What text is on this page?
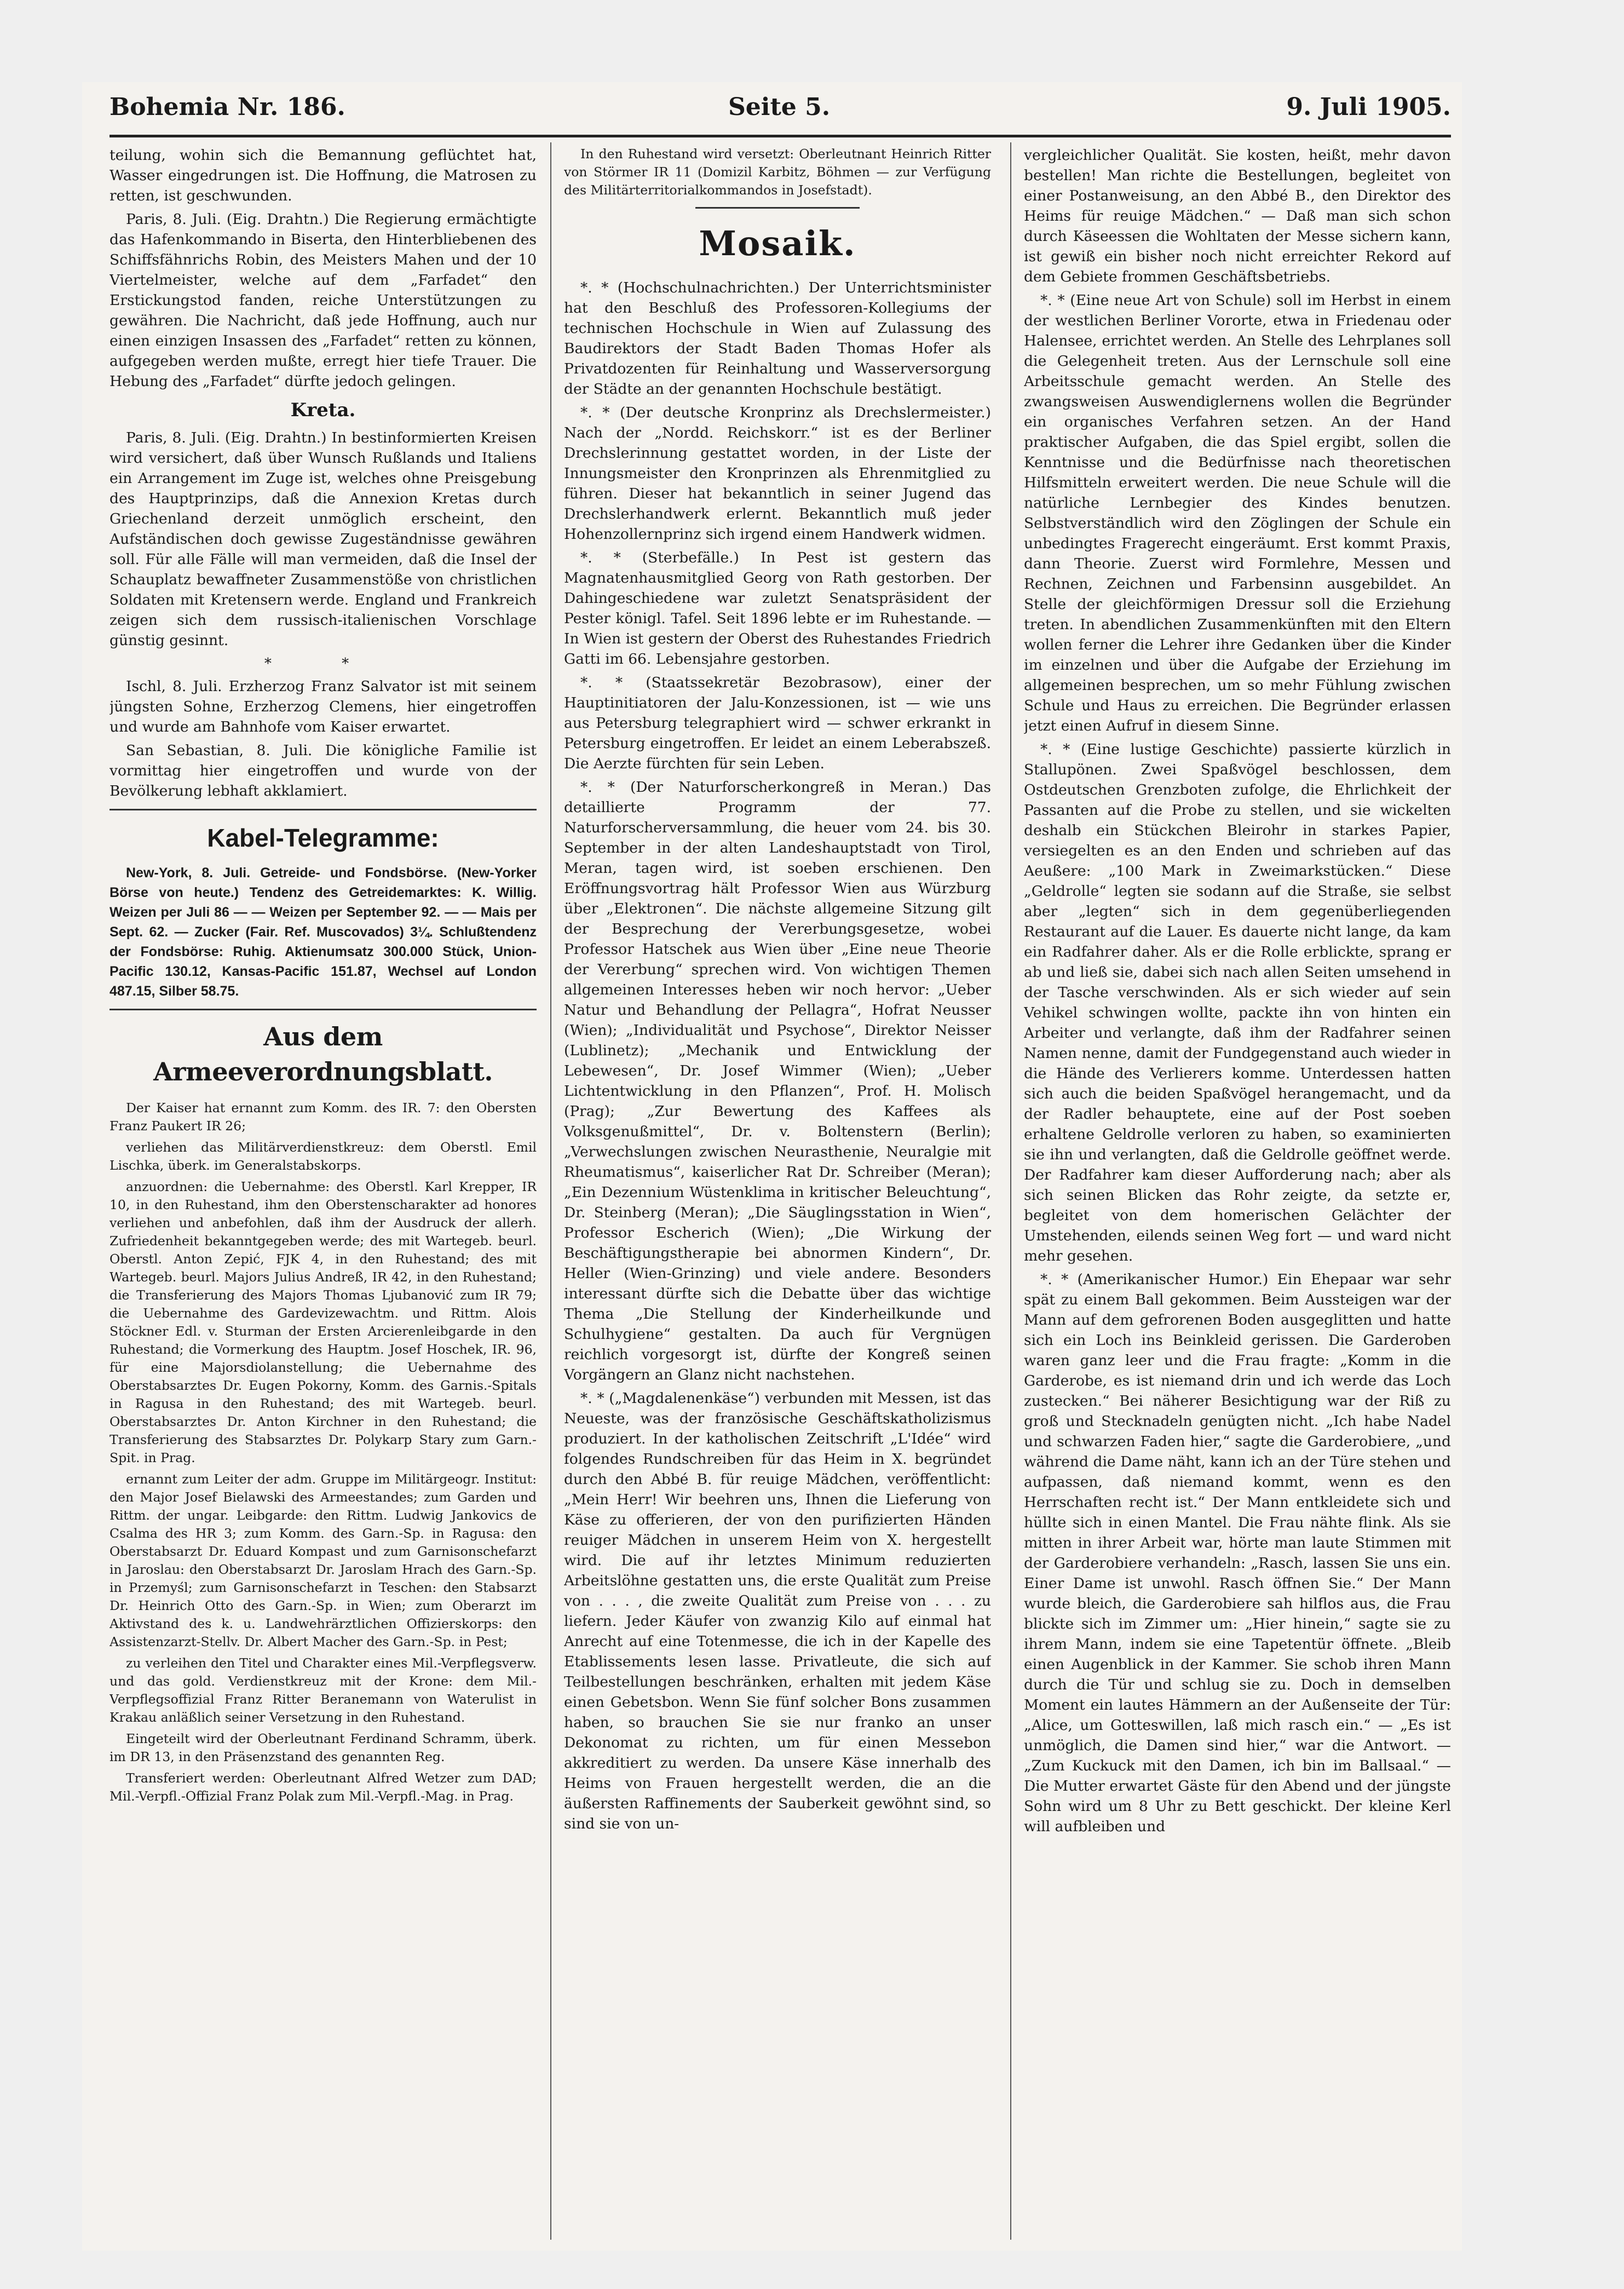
Bohemia Nr. 186.	Seite 5.	9. Juli 1905.

teilung, wohin sich die Bemannung geflüchtet hat, Wasser eingedrungen ist. Die Hoffnung, die Matrosen zu retten, ist geschwunden.

Paris, 8. Juli. (Eig. Drahtn.) Die Regierung ermächtigte das Hafenkommando in Biserta, den Hinterbliebenen des Schiffsfähnrichs Robin, des Meisters Mahen und der 10 Viertelmeister, welche auf dem „Farfadet“ den Erstickungstod fanden, reiche Unterstützungen zu gewähren. Die Nachricht, daß jede Hoffnung, auch nur einen einzigen Insassen des „Farfadet“ retten zu können, aufgegeben werden mußte, erregt hier tiefe Trauer. Die Hebung des „Farfadet“ dürfte jedoch gelingen.

Kreta.

Paris, 8. Juli. (Eig. Drahtn.) In bestinformierten Kreisen wird versichert, daß über Wunsch Rußlands und Italiens ein Arrangement im Zuge ist, welches ohne Preisgebung des Hauptprinzips, daß die Annexion Kretas durch Griechenland derzeit unmöglich erscheint, den Aufständischen doch gewisse Zugeständnisse gewähren soll. Für alle Fälle will man vermeiden, daß die Insel der Schauplatz bewaffneter Zusammenstöße von christlichen Soldaten mit Kretensern werde. England und Frankreich zeigen sich dem russisch-italienischen Vorschlage günstig gesinnt.

* *

Ischl, 8. Juli. Erzherzog Franz Salvator ist mit seinem jüngsten Sohne, Erzherzog Clemens, hier eingetroffen und wurde am Bahnhofe vom Kaiser erwartet.

San Sebastian, 8. Juli. Die königliche Familie ist vormittag hier eingetroffen und wurde von der Bevölkerung lebhaft akklamiert.

Kabel-Telegramme:

New-York, 8. Juli. Getreide- und Fondsbörse. (New-Yorker Börse von heute.) Tendenz des Getreidemarktes: K. Willig. Weizen per Juli 86 — — Weizen per September 92. — — Mais per Sept. 62. — Zucker (Fair. Ref. Muscovados) 3¼. Schlußtendenz der Fondsbörse: Ruhig. Aktienumsatz 300.000 Stück, Union-Pacific 130.12, Kansas-Pacific 151.87, Wechsel auf London 487.15, Silber 58.75.

Aus dem Armeeverordnungsblatt.

Der Kaiser hat ernannt zum Komm. des IR. 7: den Obersten Franz Paukert IR 26;

verliehen das Militärverdienstkreuz: dem Oberstl. Emil Lischka, überk. im Generalstabskorps.

anzuordnen: die Uebernahme: des Oberstl. Karl Krepper, IR 10, in den Ruhestand, ihm den Oberstenscharakter ad honores verliehen und anbefohlen, daß ihm der Ausdruck der allerh. Zufriedenheit bekanntgegeben werde; des mit Wartegeb. beurl. Oberstl. Anton Zepić, FJK 4, in den Ruhestand; des mit Wartegeb. beurl. Majors Julius Andreß, IR 42, in den Ruhestand; die Transferierung des Majors Thomas Ljubanović zum IR 79; die Uebernahme des Gardevizewachtm. und Rittm. Alois Stöckner Edl. v. Sturman der Ersten Arcierenleibgarde in den Ruhestand; die Vormerkung des Hauptm. Josef Hoschek, IR. 96, für eine Majorsdiolanstellung; die Uebernahme des Oberstabsarztes Dr. Eugen Pokorny, Komm. des Garnis.-Spitals in Ragusa in den Ruhestand; des mit Wartegeb. beurl. Oberstabsarztes Dr. Anton Kirchner in den Ruhestand; die Transferierung des Stabsarztes Dr. Polykarp Stary zum Garn.-Spit. in Prag.

ernannt zum Leiter der adm. Gruppe im Militärgeogr. Institut: den Major Josef Bielawski des Armeestandes; zum Garden und Rittm. der ungar. Leibgarde: den Rittm. Ludwig Jankovics de Csalma des HR 3; zum Komm. des Garn.-Sp. in Ragusa: den Oberstabsarzt Dr. Eduard Kompast und zum Garnisonschefarzt in Jaroslau: den Oberstabsarzt Dr. Jaroslam Hrach des Garn.-Sp. in Przemyśl; zum Garnisonschefarzt in Teschen: den Stabsarzt Dr. Heinrich Otto des Garn.-Sp. in Wien; zum Oberarzt im Aktivstand des k. u. Landwehrärztlichen Offizierskorps: den Assistenzarzt-Stellv. Dr. Albert Macher des Garn.-Sp. in Pest;

zu verleihen den Titel und Charakter eines Mil.-Verpflegsverw. und das gold. Verdienstkreuz mit der Krone: dem Mil.-Verpflegsoffizial Franz Ritter Beranemann von Waterulist in Krakau anläßlich seiner Versetzung in den Ruhestand.

Eingeteilt wird der Oberleutnant Ferdinand Schramm, überk. im DR 13, in den Präsenzstand des genannten Reg.

Transferiert werden: Oberleutnant Alfred Wetzer zum DAD; Mil.-Verpfl.-Offizial Franz Polak zum Mil.-Verpfl.-Mag. in Prag.

In den Ruhestand wird versetzt: Oberleutnant Heinrich Ritter von Störmer IR 11 (Domizil Karbitz, Böhmen — zur Verfügung des Militärterritorialkommandos in Josefstadt).

Mosaik.

*. * (Hochschulnachrichten.) Der Unterrichtsminister hat den Beschluß des Professoren-Kollegiums der technischen Hochschule in Wien auf Zulassung des Baudirektors der Stadt Baden Thomas Hofer als Privatdozenten für Reinhaltung und Wasserversorgung der Städte an der genannten Hochschule bestätigt.

*. * (Der deutsche Kronprinz als Drechslermeister.) Nach der „Nordd. Reichskorr.“ ist es der Berliner Drechslerinnung gestattet worden, in der Liste der Innungsmeister den Kronprinzen als Ehrenmitglied zu führen. Dieser hat bekanntlich in seiner Jugend das Drechslerhandwerk erlernt. Bekanntlich muß jeder Hohenzollernprinz sich irgend einem Handwerk widmen.

*. * (Sterbefälle.) In Pest ist gestern das Magnatenhausmitglied Georg von Rath gestorben. Der Dahingeschiedene war zuletzt Senatspräsident der Pester königl. Tafel. Seit 1896 lebte er im Ruhestande. — In Wien ist gestern der Oberst des Ruhestandes Friedrich Gatti im 66. Lebensjahre gestorben.

*. * (Staatssekretär Bezobrasow), einer der Hauptinitiatoren der Jalu-Konzessionen, ist — wie uns aus Petersburg telegraphiert wird — schwer erkrankt in Petersburg eingetroffen. Er leidet an einem Leberabszeß. Die Aerzte fürchten für sein Leben.

*. * (Der Naturforscherkongreß in Meran.) Das detaillierte Programm der 77. Naturforscherversammlung, die heuer vom 24. bis 30. September in der alten Landeshauptstadt von Tirol, Meran, tagen wird, ist soeben erschienen. Den Eröffnungsvortrag hält Professor Wien aus Würzburg über „Elektronen“. Die nächste allgemeine Sitzung gilt der Besprechung der Vererbungsgesetze, wobei Professor Hatschek aus Wien über „Eine neue Theorie der Vererbung“ sprechen wird. Von wichtigen Themen allgemeinen Interesses heben wir noch hervor: „Ueber Natur und Behandlung der Pellagra“, Hofrat Neusser (Wien); „Individualität und Psychose“, Direktor Neisser (Lublinetz); „Mechanik und Entwicklung der Lebewesen“, Dr. Josef Wimmer (Wien); „Ueber Lichtentwicklung in den Pflanzen“, Prof. H. Molisch (Prag); „Zur Bewertung des Kaffees als Volksgenußmittel“, Dr. v. Boltenstern (Berlin); „Verwechslungen zwischen Neurasthenie, Neuralgie mit Rheumatismus“, kaiserlicher Rat Dr. Schreiber (Meran); „Ein Dezennium Wüstenklima in kritischer Beleuchtung“, Dr. Steinberg (Meran); „Die Säuglingsstation in Wien“, Professor Escherich (Wien); „Die Wirkung der Beschäftigungstherapie bei abnormen Kindern“, Dr. Heller (Wien-Grinzing) und viele andere. Besonders interessant dürfte sich die Debatte über das wichtige Thema „Die Stellung der Kinderheilkunde und Schulhygiene“ gestalten. Da auch für Vergnügen reichlich vorgesorgt ist, dürfte der Kongreß seinen Vorgängern an Glanz nicht nachstehen.

*. * („Magdalenenkäse“) verbunden mit Messen, ist das Neueste, was der französische Geschäftskatholizismus produziert. In der katholischen Zeitschrift „L'Idée“ wird folgendes Rundschreiben für das Heim in X. begründet durch den Abbé B. für reuige Mädchen, veröffentlicht: „Mein Herr! Wir beehren uns, Ihnen die Lieferung von Käse zu offerieren, der von den purifizierten Händen reuiger Mädchen in unserem Heim von X. hergestellt wird. Die auf ihr letztes Minimum reduzierten Arbeitslöhne gestatten uns, die erste Qualität zum Preise von . . . , die zweite Qualität zum Preise von . . . zu liefern. Jeder Käufer von zwanzig Kilo auf einmal hat Anrecht auf eine Totenmesse, die ich in der Kapelle des Etablissements lesen lasse. Privatleute, die sich auf Teilbestellungen beschränken, erhalten mit jedem Käse einen Gebetsbon. Wenn Sie fünf solcher Bons zusammen haben, so brauchen Sie sie nur franko an unser Dekonomat zu richten, um für einen Messebon akkreditiert zu werden. Da unsere Käse innerhalb des Heims von Frauen hergestellt werden, die an die äußersten Raffinements der Sauberkeit gewöhnt sind, so sind sie von un-

vergleichlicher Qualität. Sie kosten, heißt, mehr davon bestellen! Man richte die Bestellungen, begleitet von einer Postanweisung, an den Abbé B., den Direktor des Heims für reuige Mädchen.“ — Daß man sich schon durch Käseessen die Wohltaten der Messe sichern kann, ist gewiß ein bisher noch nicht erreichter Rekord auf dem Gebiete frommen Geschäftsbetriebs.

*. * (Eine neue Art von Schule) soll im Herbst in einem der westlichen Berliner Vororte, etwa in Friedenau oder Halensee, errichtet werden. An Stelle des Lehrplanes soll die Gelegenheit treten. Aus der Lernschule soll eine Arbeitsschule gemacht werden. An Stelle des zwangsweisen Auswendiglernens wollen die Begründer ein organisches Verfahren setzen. An der Hand praktischer Aufgaben, die das Spiel ergibt, sollen die Kenntnisse und die Bedürfnisse nach theoretischen Hilfsmitteln erweitert werden. Die neue Schule will die natürliche Lernbegier des Kindes benutzen. Selbstverständlich wird den Zöglingen der Schule ein unbedingtes Fragerecht eingeräumt. Erst kommt Praxis, dann Theorie. Zuerst wird Formlehre, Messen und Rechnen, Zeichnen und Farbensinn ausgebildet. An Stelle der gleichförmigen Dressur soll die Erziehung treten. In abendlichen Zusammenkünften mit den Eltern wollen ferner die Lehrer ihre Gedanken über die Kinder im einzelnen und über die Aufgabe der Erziehung im allgemeinen besprechen, um so mehr Fühlung zwischen Schule und Haus zu erreichen. Die Begründer erlassen jetzt einen Aufruf in diesem Sinne.

*. * (Eine lustige Geschichte) passierte kürzlich in Stallupönen. Zwei Spaßvögel beschlossen, dem Ostdeutschen Grenzboten zufolge, die Ehrlichkeit der Passanten auf die Probe zu stellen, und sie wickelten deshalb ein Stückchen Bleirohr in starkes Papier, versiegelten es an den Enden und schrieben auf das Aeußere: „100 Mark in Zweimarkstücken.“ Diese „Geldrolle“ legten sie sodann auf die Straße, sie selbst aber „legten“ sich in dem gegenüberliegenden Restaurant auf die Lauer. Es dauerte nicht lange, da kam ein Radfahrer daher. Als er die Rolle erblickte, sprang er ab und ließ sie, dabei sich nach allen Seiten umsehend in der Tasche verschwinden. Als er sich wieder auf sein Vehikel schwingen wollte, packte ihn von hinten ein Arbeiter und verlangte, daß ihm der Radfahrer seinen Namen nenne, damit der Fundgegenstand auch wieder in die Hände des Verlierers komme. Unterdessen hatten sich auch die beiden Spaßvögel herangemacht, und da der Radler behauptete, eine auf der Post soeben erhaltene Geldrolle verloren zu haben, so examinierten sie ihn und verlangten, daß die Geldrolle geöffnet werde. Der Radfahrer kam dieser Aufforderung nach; aber als sich seinen Blicken das Rohr zeigte, da setzte er, begleitet von dem homerischen Gelächter der Umstehenden, eilends seinen Weg fort — und ward nicht mehr gesehen.

*. * (Amerikanischer Humor.) Ein Ehepaar war sehr spät zu einem Ball gekommen. Beim Aussteigen war der Mann auf dem gefrorenen Boden ausgeglitten und hatte sich ein Loch ins Beinkleid gerissen. Die Garderoben waren ganz leer und die Frau fragte: „Komm in die Garderobe, es ist niemand drin und ich werde das Loch zustecken.“ Bei näherer Besichtigung war der Riß zu groß und Stecknadeln genügten nicht. „Ich habe Nadel und schwarzen Faden hier,“ sagte die Garderobiere, „und während die Dame näht, kann ich an der Türe stehen und aufpassen, daß niemand kommt, wenn es den Herrschaften recht ist.“ Der Mann entkleidete sich und hüllte sich in einen Mantel. Die Frau nähte flink. Als sie mitten in ihrer Arbeit war, hörte man laute Stimmen mit der Garderobiere verhandeln: „Rasch, lassen Sie uns ein. Einer Dame ist unwohl. Rasch öffnen Sie.“ Der Mann wurde bleich, die Garderobiere sah hilflos aus, die Frau blickte sich im Zimmer um: „Hier hinein,“ sagte sie zu ihrem Mann, indem sie eine Tapetentür öffnete. „Bleib einen Augenblick in der Kammer. Sie schob ihren Mann durch die Tür und schlug sie zu. Doch in demselben Moment ein lautes Hämmern an der Außenseite der Tür: „Alice, um Gotteswillen, laß mich rasch ein.“ — „Es ist unmöglich, die Damen sind hier,“ war die Antwort. — „Zum Kuckuck mit den Damen, ich bin im Ballsaal.“ — Die Mutter erwartet Gäste für den Abend und der jüngste Sohn wird um 8 Uhr zu Bett geschickt. Der kleine Kerl will aufbleiben und
